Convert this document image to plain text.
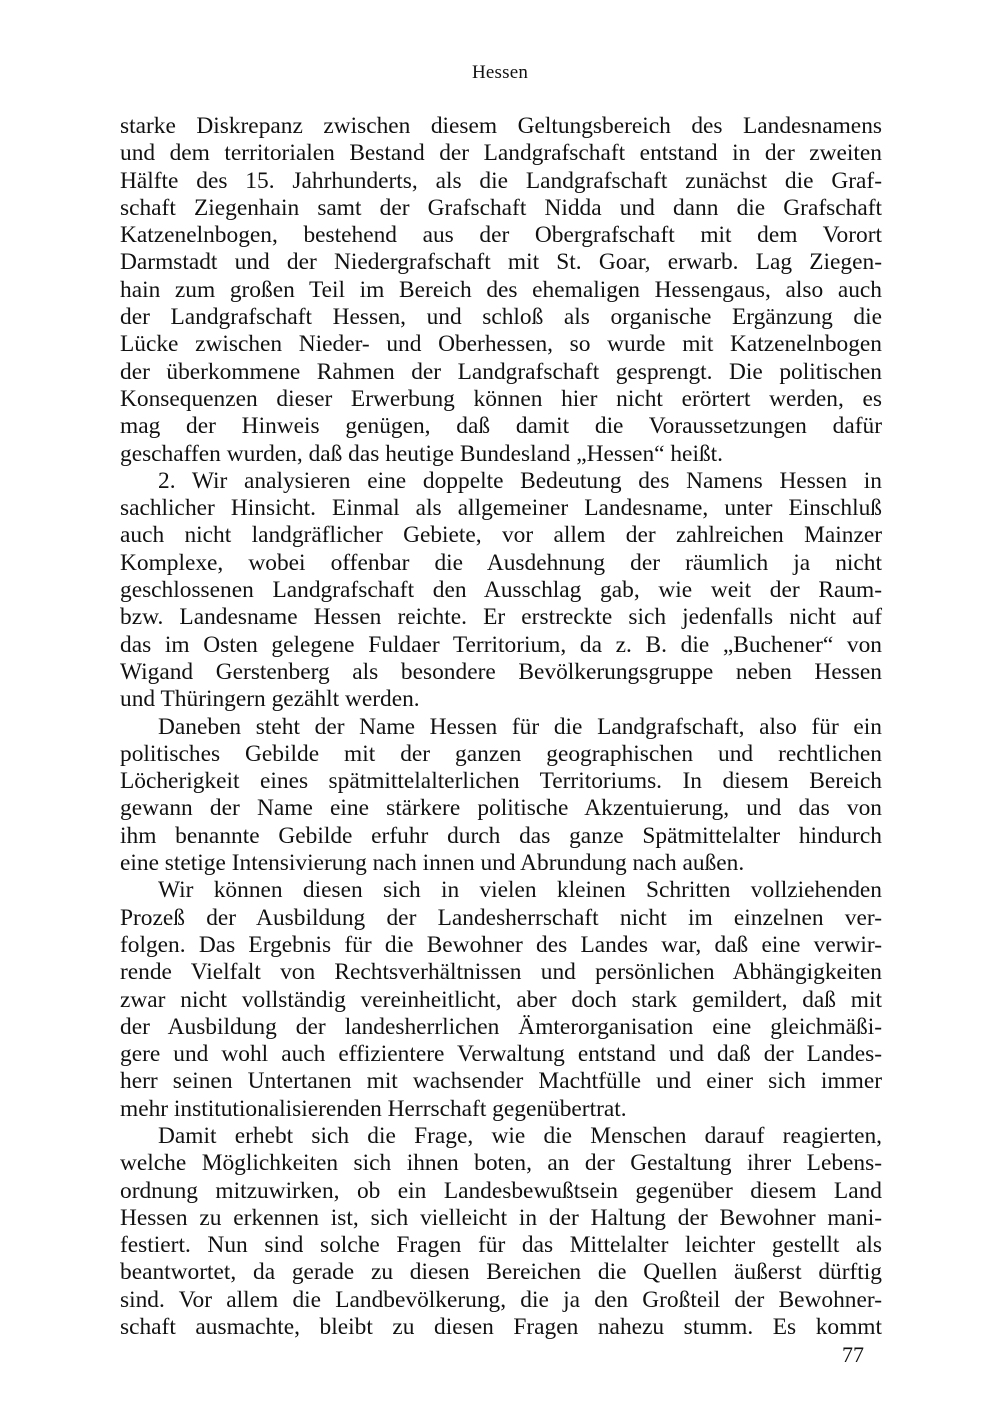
Hessen
starke Diskrepanz zwischen diesem Geltungsbereich des Landesnamens
und dem territorialen Bestand der Landgrafschaft entstand in der zweiten
Hälfte des 15. Jahrhunderts, als die Landgrafschaft zunächst die Graf-
schaft Ziegenhain samt der Grafschaft Nidda und dann die Grafschaft
Katzenelnbogen, bestehend aus der Obergrafschaft mit dem Vorort
Darmstadt und der Niedergrafschaft mit St. Goar, erwarb. Lag Ziegen-
hain zum großen Teil im Bereich des ehemaligen Hessengaus, also auch
der Landgrafschaft Hessen, und schloß als organische Ergänzung die
Lücke zwischen Nieder- und Oberhessen, so wurde mit Katzenelnbogen
der überkommene Rahmen der Landgrafschaft gesprengt. Die politischen
Konsequenzen dieser Erwerbung können hier nicht erörtert werden, es
mag der Hinweis genügen, daß damit die Voraussetzungen dafür
geschaffen wurden, daß das heutige Bundesland „Hessen“ heißt.
2. Wir analysieren eine doppelte Bedeutung des Namens Hessen in
sachlicher Hinsicht. Einmal als allgemeiner Landesname, unter Einschluß
auch nicht landgräflicher Gebiete, vor allem der zahlreichen Mainzer
Komplexe, wobei offenbar die Ausdehnung der räumlich ja nicht
geschlossenen Landgrafschaft den Ausschlag gab, wie weit der Raum-
bzw. Landesname Hessen reichte. Er erstreckte sich jedenfalls nicht auf
das im Osten gelegene Fuldaer Territorium, da z. B. die „Buchener“ von
Wigand Gerstenberg als besondere Bevölkerungsgruppe neben Hessen
und Thüringern gezählt werden.
Daneben steht der Name Hessen für die Landgrafschaft, also für ein
politisches Gebilde mit der ganzen geographischen und rechtlichen
Löcherigkeit eines spätmittelalterlichen Territoriums. In diesem Bereich
gewann der Name eine stärkere politische Akzentuierung, und das von
ihm benannte Gebilde erfuhr durch das ganze Spätmittelalter hindurch
eine stetige Intensivierung nach innen und Abrundung nach außen.
Wir können diesen sich in vielen kleinen Schritten vollziehenden
Prozeß der Ausbildung der Landesherrschaft nicht im einzelnen ver-
folgen. Das Ergebnis für die Bewohner des Landes war, daß eine verwir-
rende Vielfalt von Rechtsverhältnissen und persönlichen Abhängigkeiten
zwar nicht vollständig vereinheitlicht, aber doch stark gemildert, daß mit
der Ausbildung der landesherrlichen Ämterorganisation eine gleichmäßi-
gere und wohl auch effizientere Verwaltung entstand und daß der Landes-
herr seinen Untertanen mit wachsender Machtfülle und einer sich immer
mehr institutionalisierenden Herrschaft gegenübertrat.
Damit erhebt sich die Frage, wie die Menschen darauf reagierten,
welche Möglichkeiten sich ihnen boten, an der Gestaltung ihrer Lebens-
ordnung mitzuwirken, ob ein Landesbewußtsein gegenüber diesem Land
Hessen zu erkennen ist, sich vielleicht in der Haltung der Bewohner mani-
festiert. Nun sind solche Fragen für das Mittelalter leichter gestellt als
beantwortet, da gerade zu diesen Bereichen die Quellen äußerst dürftig
sind. Vor allem die Landbevölkerung, die ja den Großteil der Bewohner-
schaft ausmachte, bleibt zu diesen Fragen nahezu stumm. Es kommt
77
